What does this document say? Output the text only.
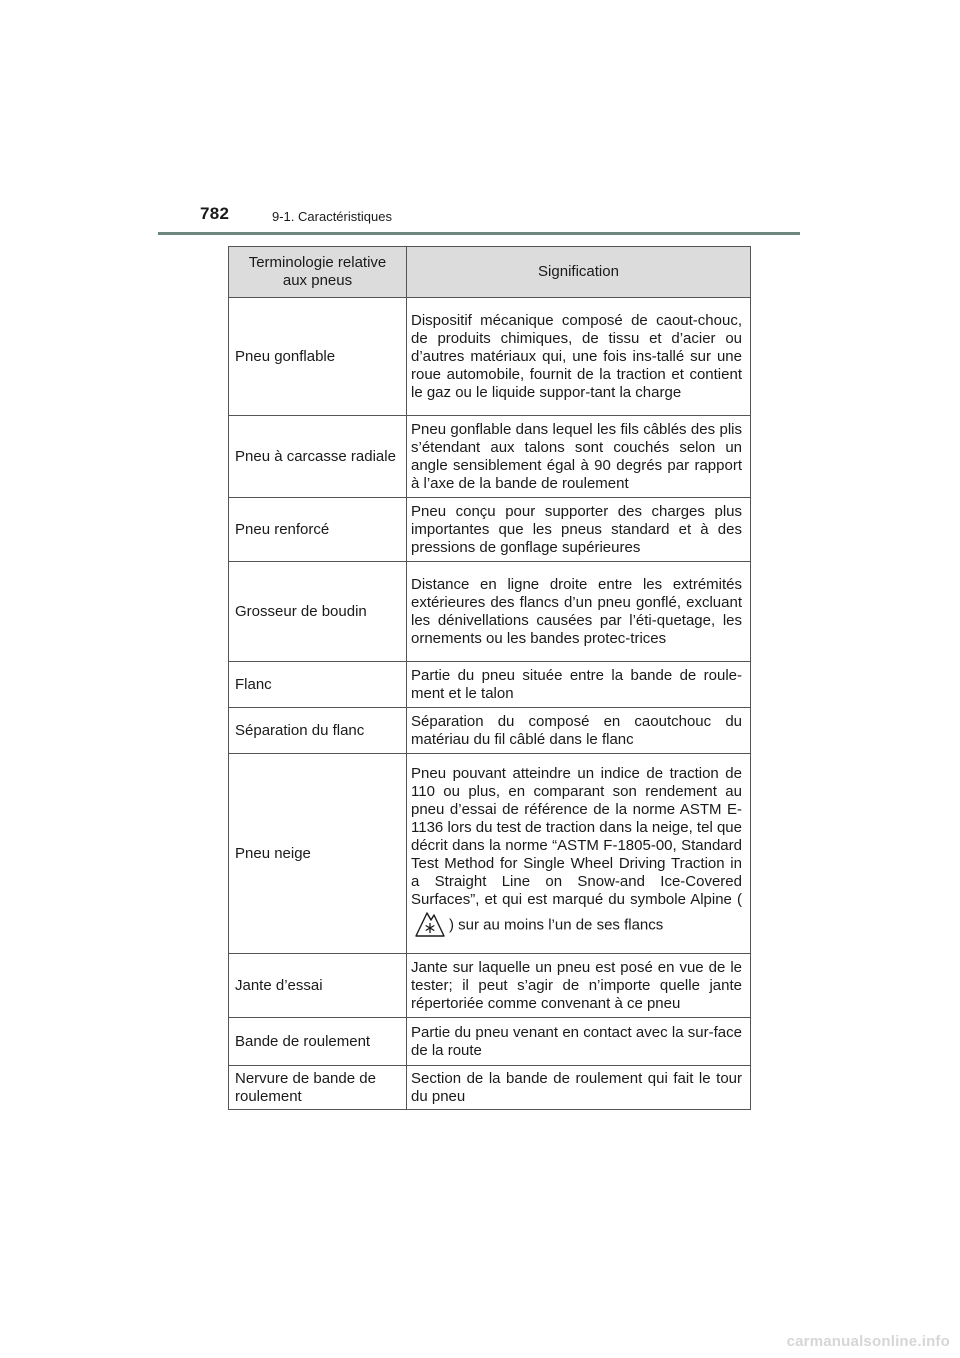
782	9-1. Caractéristiques
Terminologie relative aux pneus	Signification
Pneu gonflable	Dispositif mécanique composé de caout-chouc, de produits chimiques, de tissu et d’acier ou d’autres matériaux qui, une fois ins-tallé sur une roue automobile, fournit de la traction et contient le gaz ou le liquide suppor-tant la charge
Pneu à carcasse radiale	Pneu gonflable dans lequel les fils câblés des plis s’étendant aux talons sont couchés selon un angle sensiblement égal à 90 degrés par rapport à l’axe de la bande de roulement
Pneu renforcé	Pneu conçu pour supporter des charges plus importantes que les pneus standard et à des pressions de gonflage supérieures
Grosseur de boudin	Distance en ligne droite entre les extrémités extérieures des flancs d’un pneu gonflé, excluant les dénivellations causées par l’éti-quetage, les ornements ou les bandes protec-trices
Flanc	Partie du pneu située entre la bande de roule-ment et le talon
Séparation du flanc	Séparation du composé en caoutchouc du matériau du fil câblé dans le flanc
Pneu neige	Pneu pouvant atteindre un indice de traction de 110 ou plus, en comparant son rendement au pneu d’essai de référence de la norme ASTM E-1136 lors du test de traction dans la neige, tel que décrit dans la norme “ASTM F-1805-00, Standard Test Method for Single Wheel Driving Traction in a Straight Line on Snow-and Ice-Covered Surfaces”, et qui est marqué du symbole Alpine () sur au moins l’un de ses flancs
Jante d’essai	Jante sur laquelle un pneu est posé en vue de le tester; il peut s’agir de n’importe quelle jante répertoriée comme convenant à ce pneu
Bande de roulement	Partie du pneu venant en contact avec la sur-face de la route
Nervure de bande de roulement	Section de la bande de roulement qui fait le tour du pneu
carmanualsonline.info
